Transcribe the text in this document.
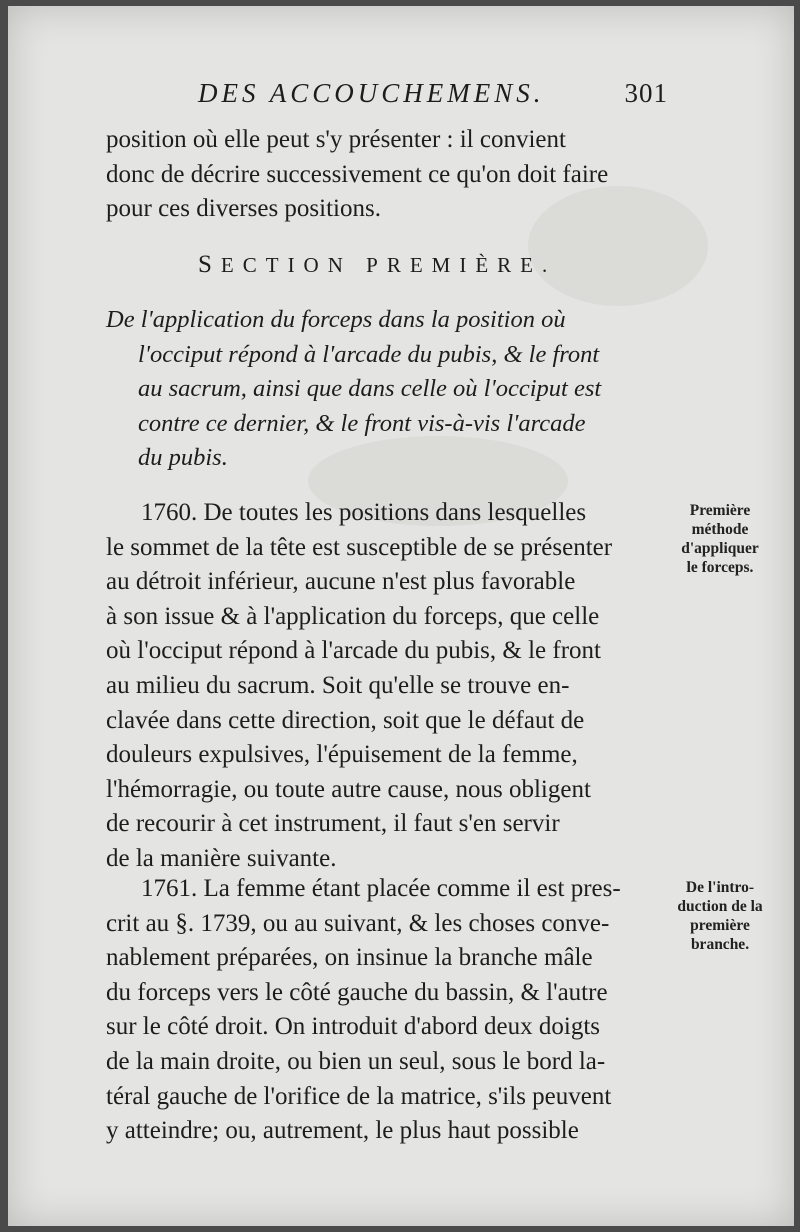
DES ACCOUCHEMENS.	301
position où elle peut s'y présenter : il convient
donc de décrire successivement ce qu'on doit faire
pour ces diverses positions.
SECTION PREMIÈRE.
De l'application du forceps dans la position où
l'occiput répond à l'arcade du pubis, & le front
au sacrum, ainsi que dans celle où l'occiput est
contre ce dernier, & le front vis-à-vis l'arcade
du pubis.
1760. De toutes les positions dans lesquelles
le sommet de la tête est susceptible de se présenter
au détroit inférieur, aucune n'est plus favorable
à son issue & à l'application du forceps, que celle
où l'occiput répond à l'arcade du pubis, & le front
au milieu du sacrum. Soit qu'elle se trouve en-
clavée dans cette direction, soit que le défaut de
douleurs expulsives, l'épuisement de la femme,
l'hémorragie, ou toute autre cause, nous obligent
de recourir à cet instrument, il faut s'en servir
de la manière suivante.
1761. La femme étant placée comme il est pres-
crit au §. 1739, ou au suivant, & les choses conve-
nablement préparées, on insinue la branche mâle
du forceps vers le côté gauche du bassin, & l'autre
sur le côté droit. On introduit d'abord deux doigts
de la main droite, ou bien un seul, sous le bord la-
téral gauche de l'orifice de la matrice, s'ils peuvent
y atteindre; ou, autrement, le plus haut possible
Première
méthode
d'appliquer
le forceps.
De l'intro-
duction de la
première
branche.
